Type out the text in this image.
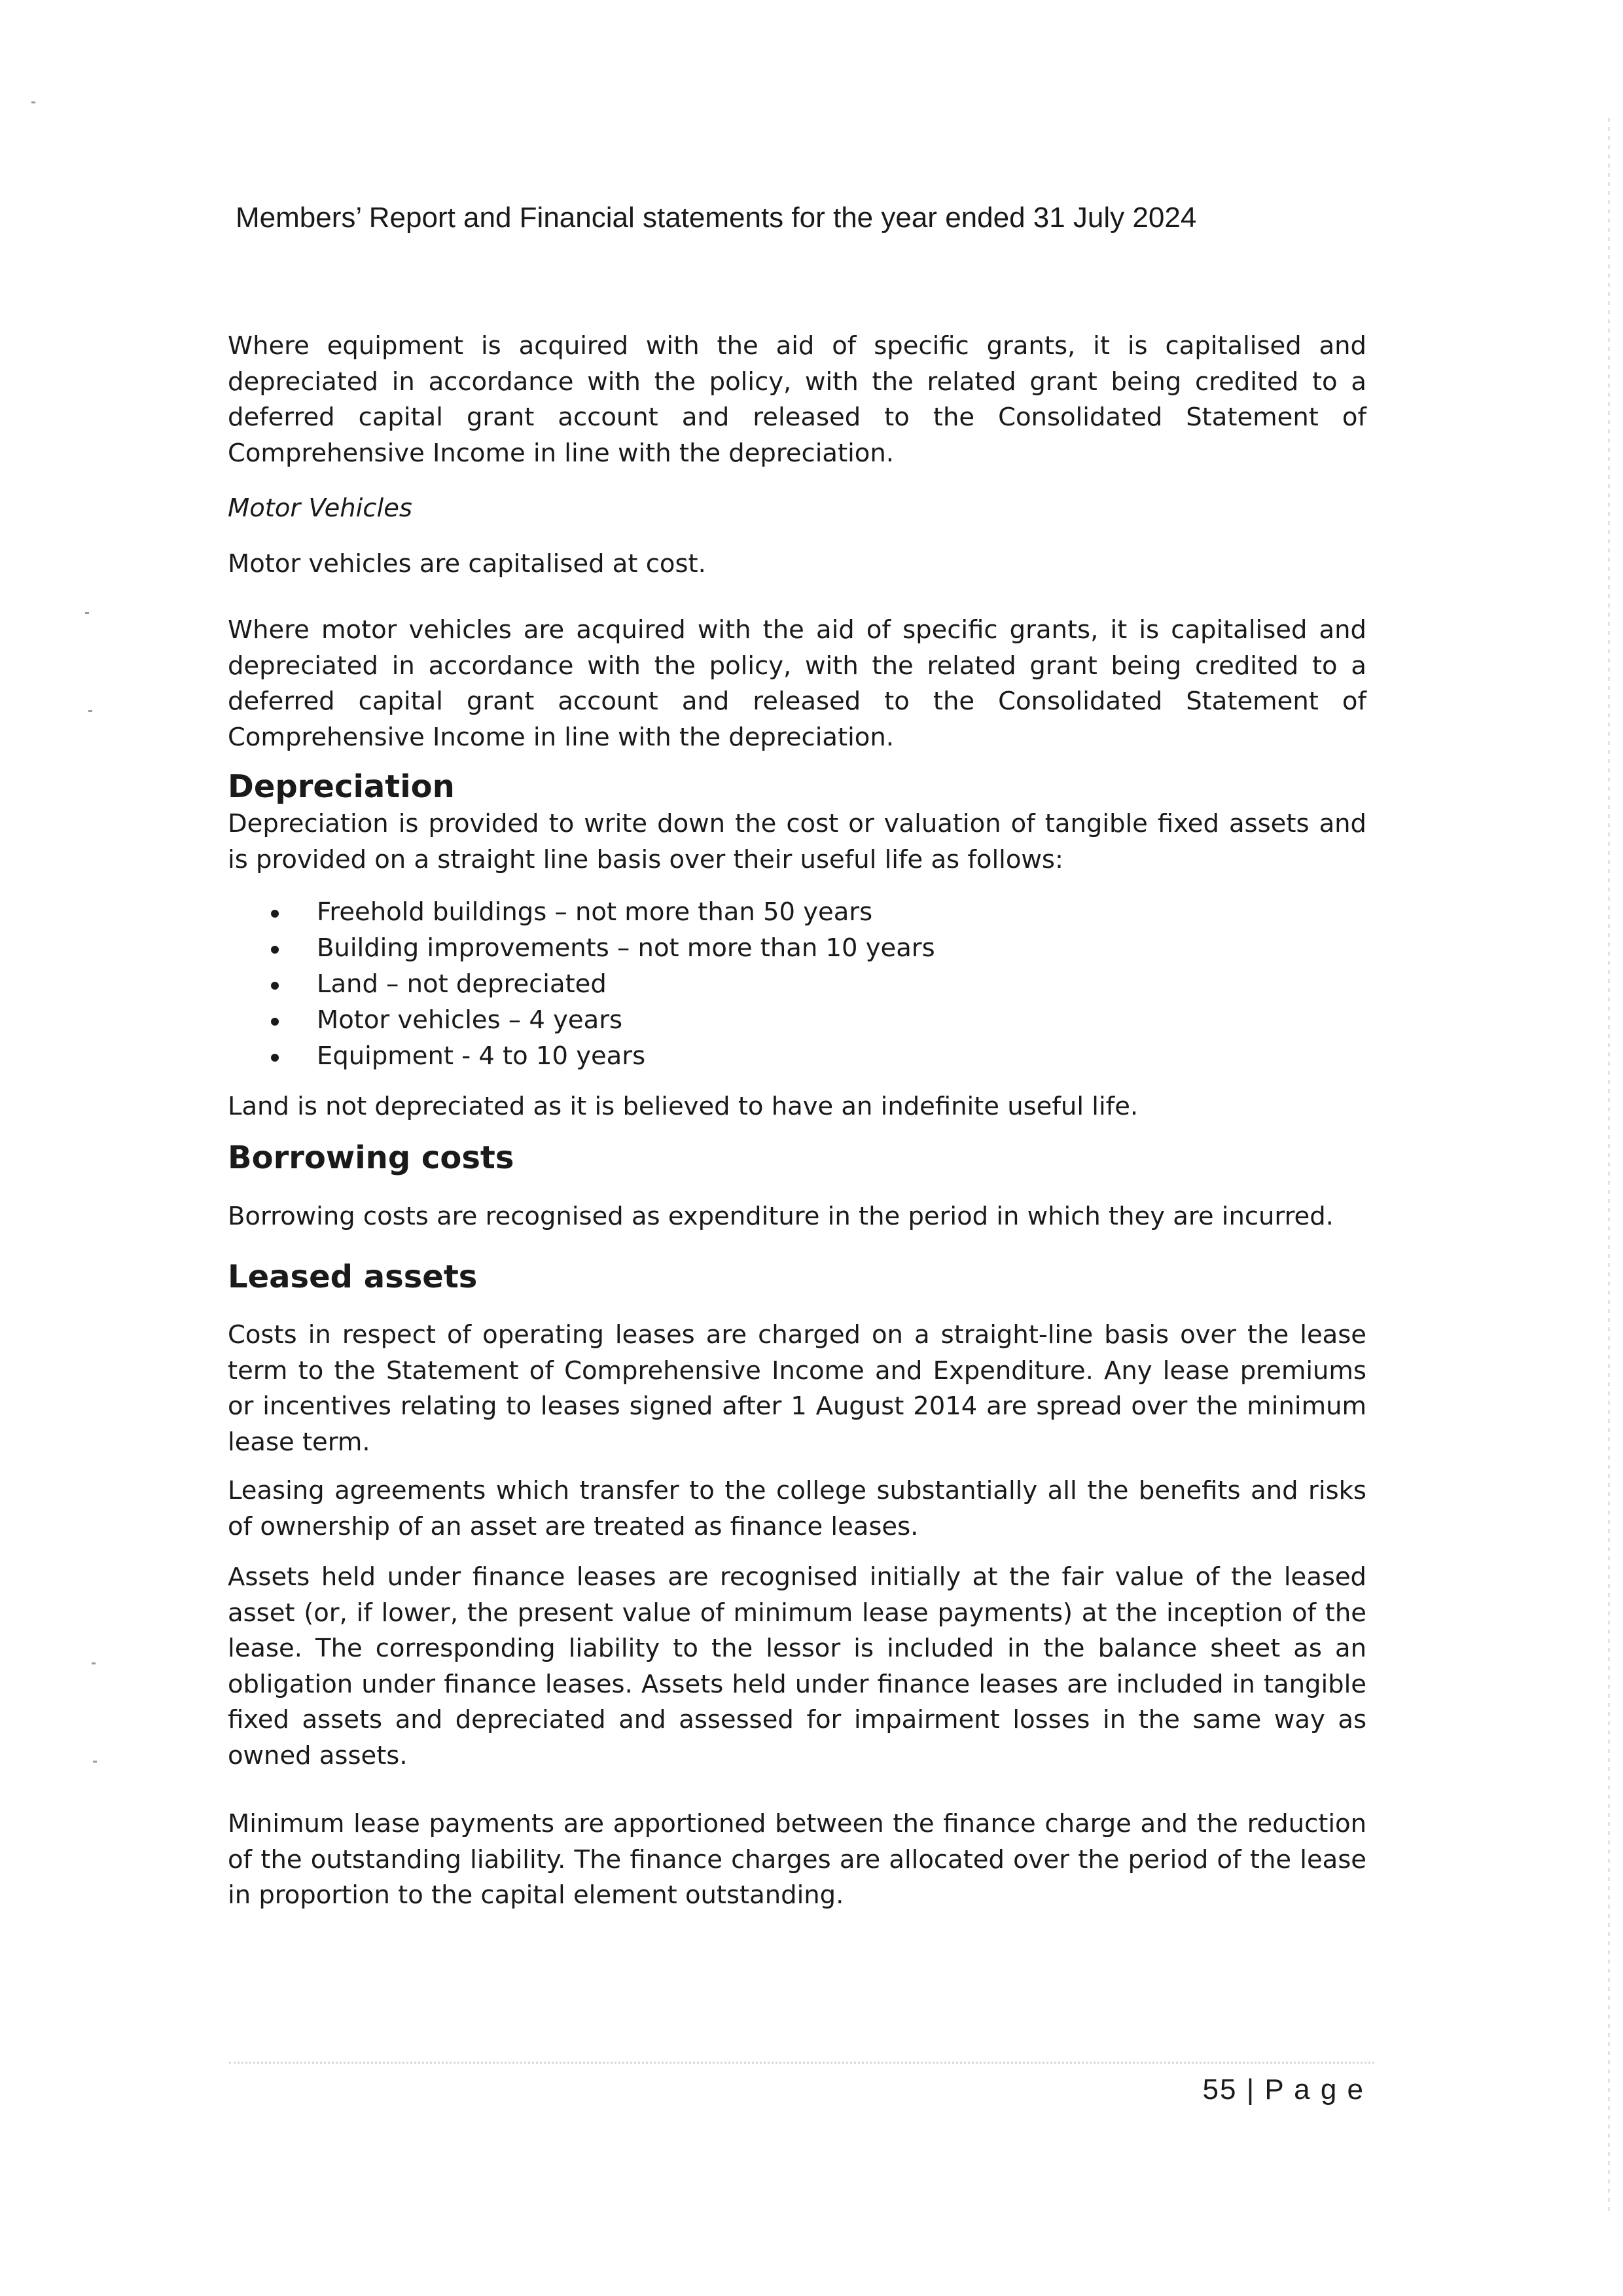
Members’ Report and Financial statements for the year ended 31 July 2024

Where equipment is acquired with the aid of specific grants, it is capitalised and depreciated in accordance with the policy, with the related grant being credited to a deferred capital grant account and released to the Consolidated Statement of Comprehensive Income in line with the depreciation.

Motor Vehicles

Motor vehicles are capitalised at cost.

Where motor vehicles are acquired with the aid of specific grants, it is capitalised and depreciated in accordance with the policy, with the related grant being credited to a deferred capital grant account and released to the Consolidated Statement of Comprehensive Income in line with the depreciation.

Depreciation

Depreciation is provided to write down the cost or valuation of tangible fixed assets and is provided on a straight line basis over their useful life as follows:

Freehold buildings – not more than 50 years
Building improvements – not more than 10 years
Land – not depreciated
Motor vehicles – 4 years
Equipment - 4 to 10 years

Land is not depreciated as it is believed to have an indefinite useful life.

Borrowing costs

Borrowing costs are recognised as expenditure in the period in which they are incurred.

Leased assets

Costs in respect of operating leases are charged on a straight-line basis over the lease term to the Statement of Comprehensive Income and Expenditure. Any lease premiums or incentives relating to leases signed after 1 August 2014 are spread over the minimum lease term.

Leasing agreements which transfer to the college substantially all the benefits and risks of ownership of an asset are treated as finance leases.

Assets held under finance leases are recognised initially at the fair value of the leased asset (or, if lower, the present value of minimum lease payments) at the inception of the lease. The corresponding liability to the lessor is included in the balance sheet as an obligation under finance leases. Assets held under finance leases are included in tangible fixed assets and depreciated and assessed for impairment losses in the same way as owned assets.

Minimum lease payments are apportioned between the finance charge and the reduction of the outstanding liability. The finance charges are allocated over the period of the lease in proportion to the capital element outstanding.

55 | P a g e
